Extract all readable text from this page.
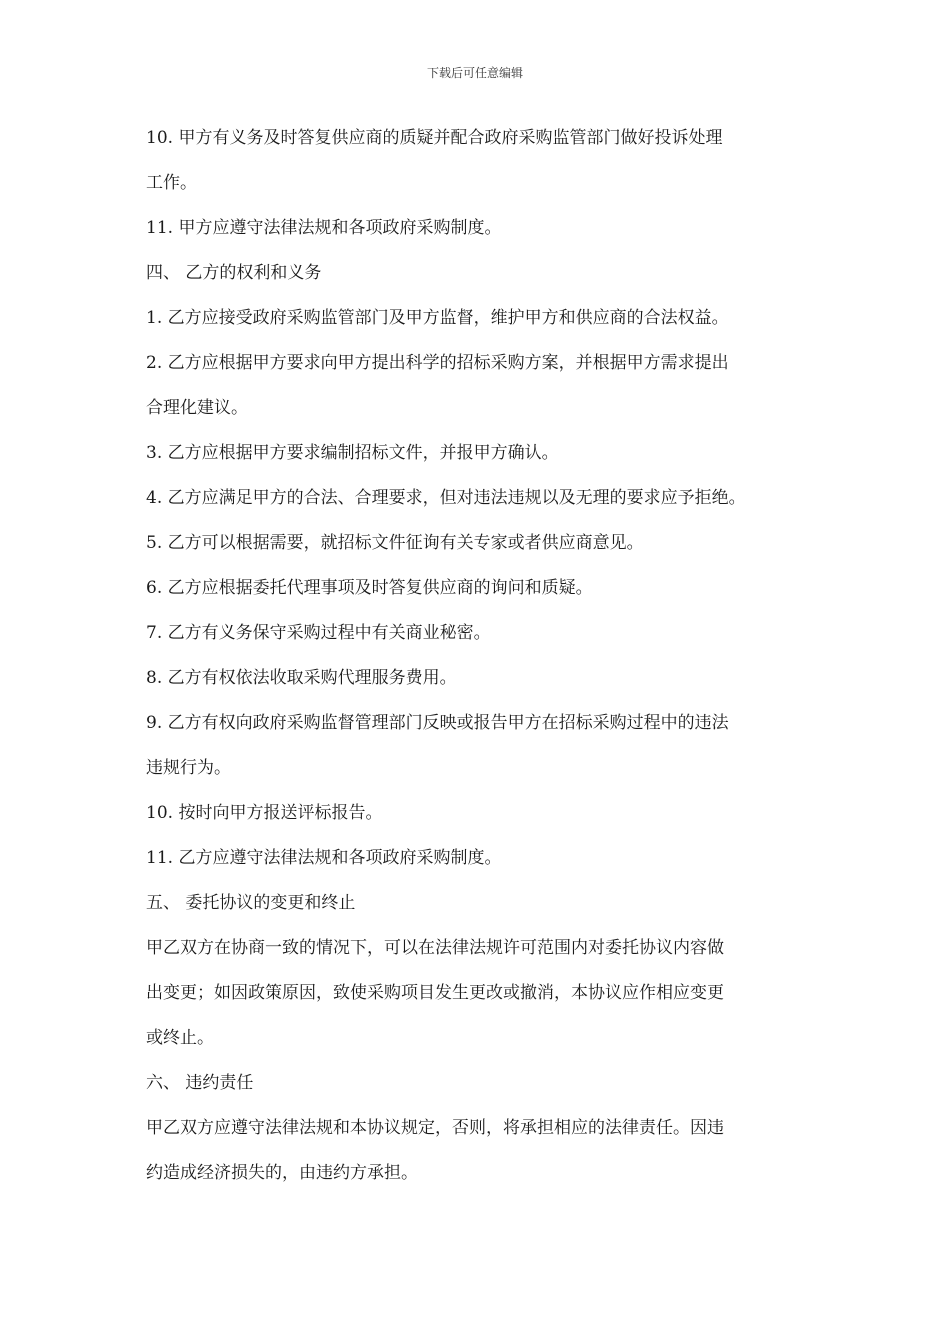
下载后可任意编辑
10. 甲方有义务及时答复供应商的质疑并配合政府采购监管部门做好投诉处理
工作。
11. 甲方应遵守法律法规和各项政府采购制度。
四、 乙方的权利和义务
1. 乙方应接受政府采购监管部门及甲方监督，维护甲方和供应商的合法权益。
2. 乙方应根据甲方要求向甲方提出科学的招标采购方案，并根据甲方需求提出
合理化建议。
3. 乙方应根据甲方要求编制招标文件，并报甲方确认。
4. 乙方应满足甲方的合法、合理要求，但对违法违规以及无理的要求应予拒绝。
5. 乙方可以根据需要，就招标文件征询有关专家或者供应商意见。
6. 乙方应根据委托代理事项及时答复供应商的询问和质疑。
7. 乙方有义务保守采购过程中有关商业秘密。
8. 乙方有权依法收取采购代理服务费用。
9. 乙方有权向政府采购监督管理部门反映或报告甲方在招标采购过程中的违法
违规行为。
10. 按时向甲方报送评标报告。
11. 乙方应遵守法律法规和各项政府采购制度。
五、 委托协议的变更和终止
甲乙双方在协商一致的情况下，可以在法律法规许可范围内对委托协议内容做
出变更；如因政策原因，致使采购项目发生更改或撤消，本协议应作相应变更
或终止。
六、 违约责任
甲乙双方应遵守法律法规和本协议规定，否则，将承担相应的法律责任。因违
约造成经济损失的，由违约方承担。
